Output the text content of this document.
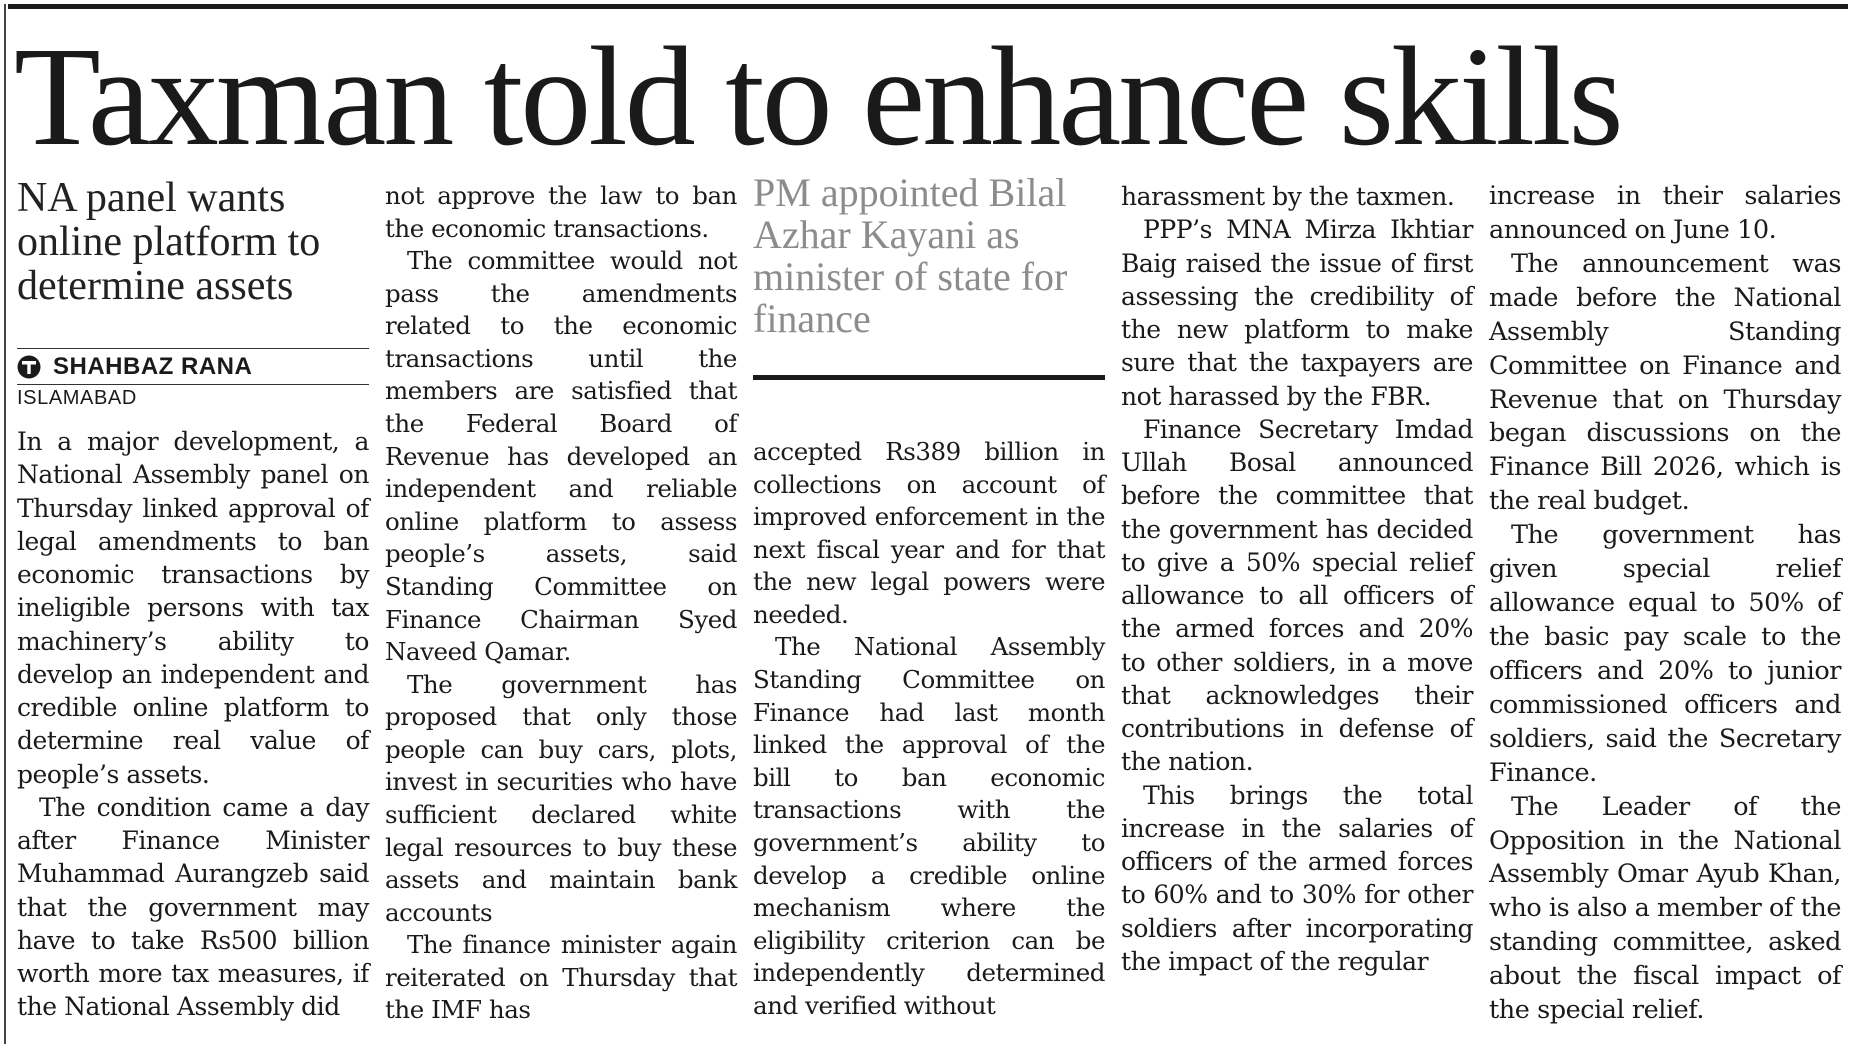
Taxman told to enhance skills
NA panel wants online platform to determine assets
SHAHBAZ RANA
ISLAMABAD
PM appointed Bilal Azhar Kayani as minister of state for finance

In a major development, a National Assembly panel on Thursday linked approval of legal amendments to ban economic transactions by ineligible persons with tax machinery’s ability to develop an independent and credible online platform to determine real value of people’s assets.

The condition came a day after Finance Minister Muhammad Aurangzeb said that the government may have to take Rs500 billion worth more tax measures, if the National Assembly did

not approve the law to ban the economic transactions.

The committee would not pass the amendments related to the economic transactions until the members are satisfied that the Federal Board of Revenue has developed an independent and reliable online platform to assess people’s assets, said Standing Committee on Finance Chairman Syed Naveed Qamar.

The government has proposed that only those people can buy cars, plots, invest in securities who have sufficient declared white legal resources to buy these assets and maintain bank accounts

The finance minister again reiterated on Thursday that the IMF has

accepted Rs389 billion in collections on account of improved enforcement in the next fiscal year and for that the new legal powers were needed.

The National Assembly Standing Committee on Finance had last month linked the approval of the bill to ban economic transactions with the government’s ability to develop a credible online mechanism where the eligibility criterion can be independently determined and verified without

harassment by the taxmen.

PPP’s MNA Mirza Ikhtiar Baig raised the issue of first assessing the credibility of the new platform to make sure that the taxpayers are not harassed by the FBR.

Finance Secretary Imdad Ullah Bosal announced before the committee that the government has decided to give a 50% special relief allowance to all officers of the armed forces and 20% to other soldiers, in a move that acknowledges their contributions in defense of the nation.

This brings the total increase in the salaries of officers of the armed forces to 60% and to 30% for other soldiers after incorporating the impact of the regular

increase in their salaries announced on June 10.

The announcement was made before the National Assembly Standing Committee on Finance and Revenue that on Thursday began discussions on the Finance Bill 2026, which is the real budget.

The government has given special relief allowance equal to 50% of the basic pay scale to the officers and 20% to junior commissioned officers and soldiers, said the Secretary Finance.

The Leader of the Opposition in the National Assembly Omar Ayub Khan, who is also a member of the standing committee, asked about the fiscal impact of the special relief.
